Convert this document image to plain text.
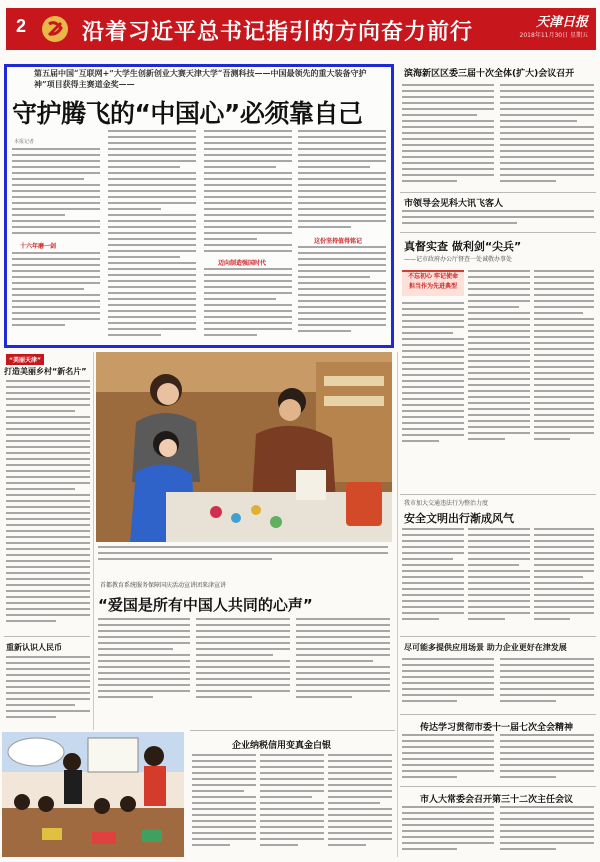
2	沿着习近平总书记指引的方向奋力前行	天津日报
2018年11月30日 星期五
第五届中国“互联网+”大学生创新创业大赛天津大学“吾测科技——中国最领先的重大装备守护神”项目获得主赛道金奖——
守护腾飞的“中国心”必须靠自己
本报记者
十六年磨一剑
迈向制造强国时代
这份坚持值得铭记
滨海新区区委三届十次全体(扩大)会议召开
市领导会见科大讯飞客人
真督实查 做利剑“尖兵”
——记市政府办公厅督查一处诚敬办事处
不忘初心 牢记使命
担当作为先进典型
我市加大交通违法行为整治力度
安全文明出行渐成风气
尽可能多提供应用场景 助力企业更好在津发展
传达学习贯彻市委十一届七次全会精神
市人大常委会召开第三十二次主任会议
“美丽天津”
打造美丽乡村“新名片”
重新认识人民币
首都教育系统服务保障国庆活动宣讲团来津宣讲
“爱国是所有中国人共同的心声”
企业纳税信用变真金白银
